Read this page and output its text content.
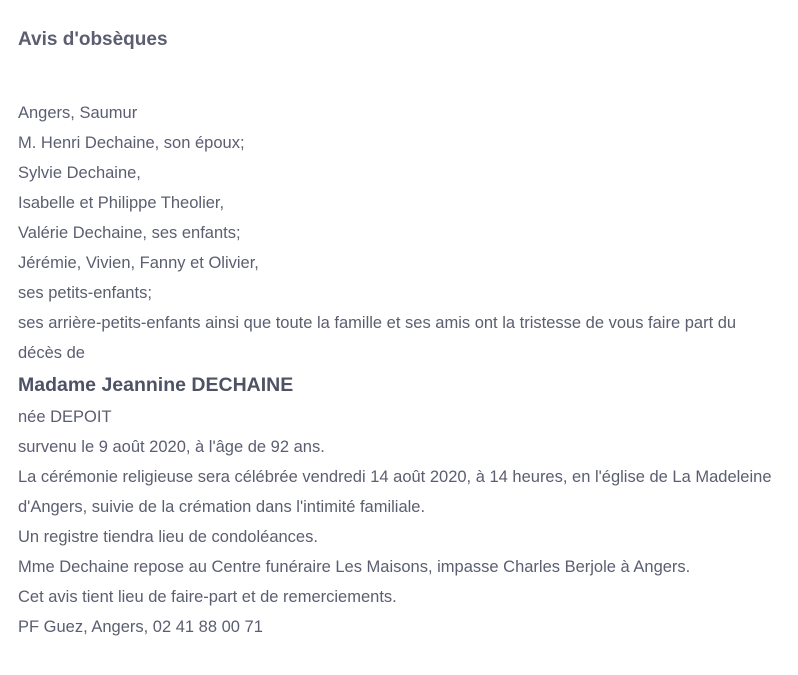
Avis d'obsèques
Angers, Saumur
M. Henri Dechaine, son époux;
Sylvie Dechaine,
Isabelle et Philippe Theolier,
Valérie Dechaine, ses enfants;
Jérémie, Vivien, Fanny et Olivier,
ses petits-enfants;
ses arrière-petits-enfants ainsi que toute la famille et ses amis ont la tristesse de vous faire part du décès de
Madame Jeannine DECHAINE
née DEPOIT
survenu le 9 août 2020, à l'âge de 92 ans.
La cérémonie religieuse sera célébrée vendredi 14 août 2020, à 14 heures, en l'église de La Madeleine d'Angers, suivie de la crémation dans l'intimité familiale.
Un registre tiendra lieu de condoléances.
Mme Dechaine repose au Centre funéraire Les Maisons, impasse Charles Berjole à Angers.
Cet avis tient lieu de faire-part et de remerciements.
PF Guez, Angers, 02 41 88 00 71
